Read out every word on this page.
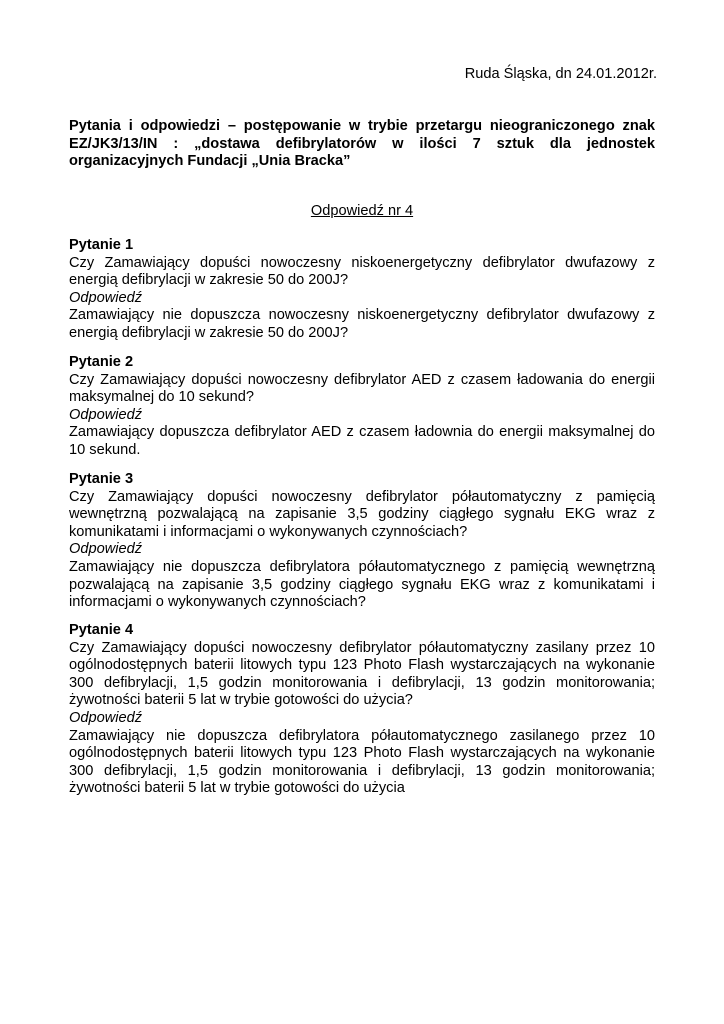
Ruda Śląska, dn 24.01.2012r.
Pytania i odpowiedzi – postępowanie w trybie przetargu nieograniczonego znak EZ/JK3/13/IN : „dostawa defibrylatorów w ilości 7 sztuk dla jednostek organizacyjnych Fundacji „Unia Bracka”
Odpowiedź nr 4

Pytanie 1

Czy Zamawiający dopuści nowoczesny niskoenergetyczny defibrylator dwufazowy z energią defibrylacji w zakresie 50 do 200J?

Odpowiedź

Zamawiający nie dopuszcza nowoczesny niskoenergetyczny defibrylator dwufazowy z energią defibrylacji w zakresie 50 do 200J?

Pytanie 2

Czy Zamawiający dopuści nowoczesny defibrylator AED z czasem ładowania do energii maksymalnej do 10 sekund?

Odpowiedź

Zamawiający dopuszcza defibrylator AED z czasem ładownia do energii maksymalnej do 10 sekund.

Pytanie 3

Czy Zamawiający dopuści nowoczesny defibrylator półautomatyczny z pamięcią wewnętrzną pozwalającą na zapisanie 3,5 godziny ciągłego sygnału EKG wraz z komunikatami i informacjami o wykonywanych czynnościach?

Odpowiedź

Zamawiający nie dopuszcza defibrylatora półautomatycznego z pamięcią wewnętrzną pozwalającą na zapisanie 3,5 godziny ciągłego sygnału EKG wraz z komunikatami i informacjami o wykonywanych czynnościach?

Pytanie 4

Czy Zamawiający dopuści nowoczesny defibrylator półautomatyczny zasilany przez 10 ogólnodostępnych baterii litowych typu 123 Photo Flash wystarczających na wykonanie 300 defibrylacji, 1,5 godzin monitorowania i defibrylacji, 13 godzin monitorowania; żywotności baterii 5 lat w trybie gotowości do użycia?

Odpowiedź

Zamawiający nie dopuszcza defibrylatora półautomatycznego zasilanego przez 10 ogólnodostępnych baterii litowych typu 123 Photo Flash wystarczających na wykonanie 300 defibrylacji, 1,5 godzin monitorowania i defibrylacji, 13 godzin monitorowania; żywotności baterii 5 lat w trybie gotowości do użycia
